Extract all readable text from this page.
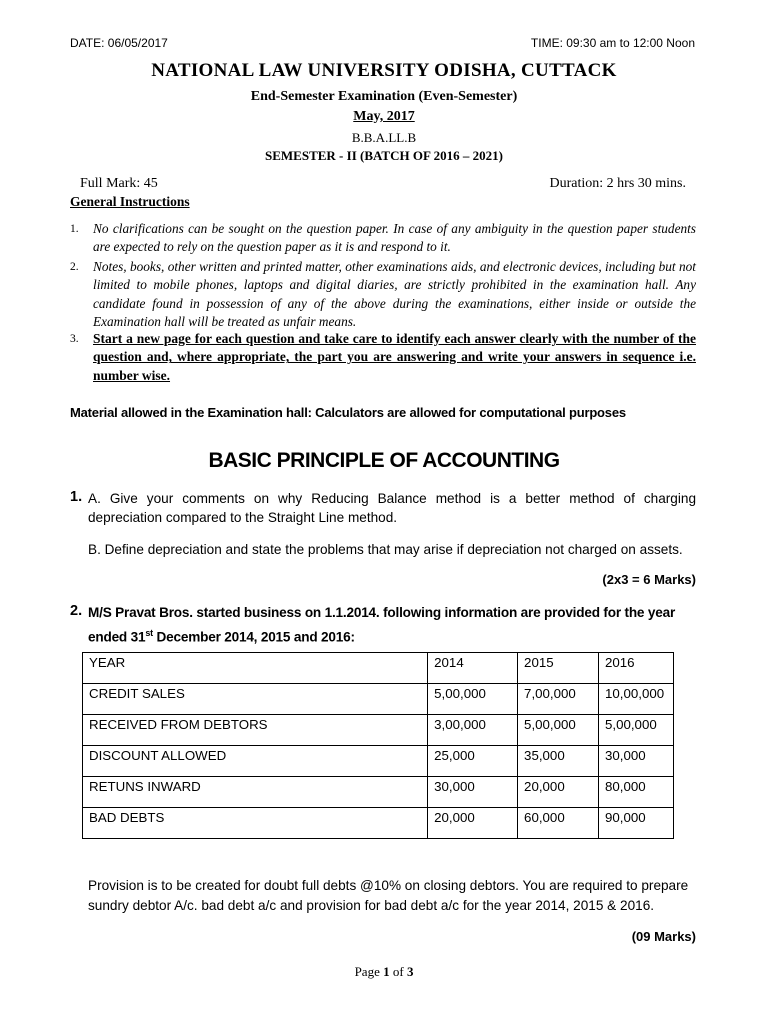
DATE: 06/05/2017	TIME: 09:30 am to 12:00 Noon
NATIONAL LAW UNIVERSITY ODISHA, CUTTACK
End-Semester Examination (Even-Semester)
May, 2017
B.B.A.LL.B
SEMESTER - II (BATCH OF 2016 – 2021)
Full Mark: 45	Duration: 2 hrs 30 mins.
General Instructions
1. No clarifications can be sought on the question paper. In case of any ambiguity in the question paper students are expected to rely on the question paper as it is and respond to it.
2. Notes, books, other written and printed matter, other examinations aids, and electronic devices, including but not limited to mobile phones, laptops and digital diaries, are strictly prohibited in the examination hall. Any candidate found in possession of any of the above during the examinations, either inside or outside the Examination hall will be treated as unfair means.
3. Start a new page for each question and take care to identify each answer clearly with the number of the question and, where appropriate, the part you are answering and write your answers in sequence i.e. number wise.
Material allowed in the Examination hall: Calculators are allowed for computational purposes
BASIC PRINCIPLE OF ACCOUNTING
1. A. Give your comments on why Reducing Balance method is a better method of charging depreciation compared to the Straight Line method.
B. Define depreciation and state the problems that may arise if depreciation not charged on assets.
(2x3 = 6 Marks)
2. M/S Pravat Bros. started business on 1.1.2014. following information are provided for the year ended 31st December 2014, 2015 and 2016:
YEAR	2014	2015	2016
CREDIT SALES	5,00,000	7,00,000	10,00,000
RECEIVED FROM DEBTORS	3,00,000	5,00,000	5,00,000
DISCOUNT ALLOWED	25,000	35,000	30,000
RETUNS INWARD	30,000	20,000	80,000
BAD DEBTS	20,000	60,000	90,000
Provision is to be created for doubt full debts @10% on closing debtors. You are required to prepare sundry debtor A/c. bad debt a/c and provision for bad debt a/c for the year 2014, 2015 & 2016.
(09 Marks)
Page 1 of 3
